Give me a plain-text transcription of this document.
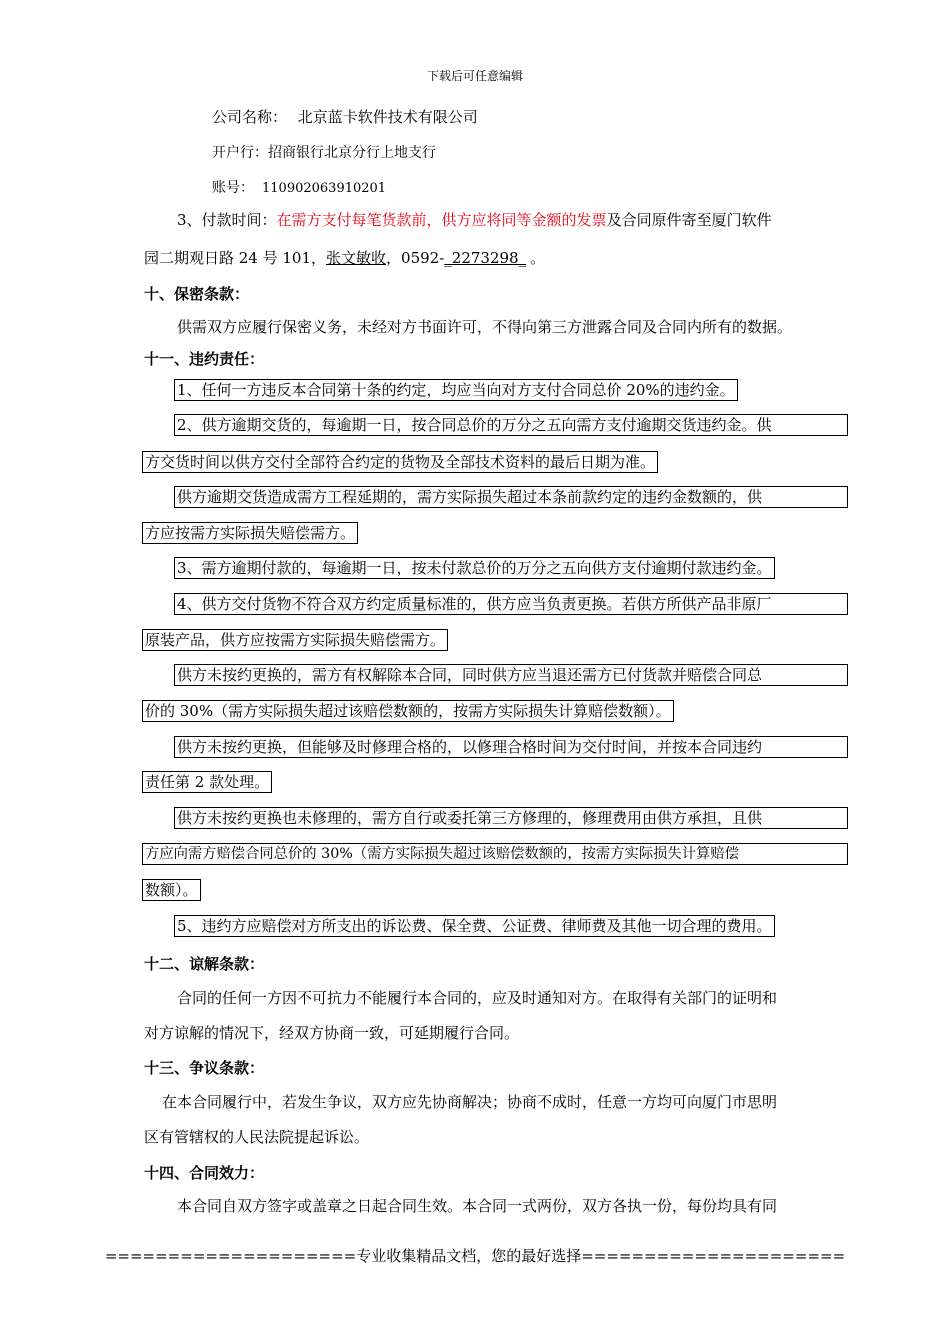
下载后可任意编辑
公司名称： 北京蓝卡软件技术有限公司
开户行：招商银行北京分行上地支行
账号： 110902063910201
3、付款时间：在需方支付每笔货款前，供方应将同等金额的发票及合同原件寄至厦门软件
园二期观日路 24 号 101，张文敏收，0592-_2273298_ 。
十、保密条款：
供需双方应履行保密义务，未经对方书面许可，不得向第三方泄露合同及合同内所有的数据。
十一、违约责任：
1、任何一方违反本合同第十条的约定，均应当向对方支付合同总价 20%的违约金。
2、供方逾期交货的，每逾期一日，按合同总价的万分之五向需方支付逾期交货违约金。供
方交货时间以供方交付全部符合约定的货物及全部技术资料的最后日期为准。
供方逾期交货造成需方工程延期的，需方实际损失超过本条前款约定的违约金数额的，供
方应按需方实际损失赔偿需方。
3、需方逾期付款的，每逾期一日，按未付款总价的万分之五向供方支付逾期付款违约金。
4、供方交付货物不符合双方约定质量标准的，供方应当负责更换。若供方所供产品非原厂
原装产品，供方应按需方实际损失赔偿需方。
供方未按约更换的，需方有权解除本合同，同时供方应当退还需方已付货款并赔偿合同总
价的 30%（需方实际损失超过该赔偿数额的，按需方实际损失计算赔偿数额）。
供方未按约更换，但能够及时修理合格的，以修理合格时间为交付时间，并按本合同违约
责任第 2 款处理。
供方未按约更换也未修理的，需方自行或委托第三方修理的，修理费用由供方承担，且供
方应向需方赔偿合同总价的 30%（需方实际损失超过该赔偿数额的，按需方实际损失计算赔偿
数额）。
5、违约方应赔偿对方所支出的诉讼费、保全费、公证费、律师费及其他一切合理的费用。
十二、谅解条款：
合同的任何一方因不可抗力不能履行本合同的，应及时通知对方。在取得有关部门的证明和
对方谅解的情况下，经双方协商一致，可延期履行合同。
十三、争议条款：
在本合同履行中，若发生争议，双方应先协商解决；协商不成时，任意一方均可向厦门市思明
区有管辖权的人民法院提起诉讼。
十四、合同效力：
本合同自双方签字或盖章之日起合同生效。本合同一式两份，双方各执一份，每份均具有同
====================专业收集精品文档，您的最好选择=====================
